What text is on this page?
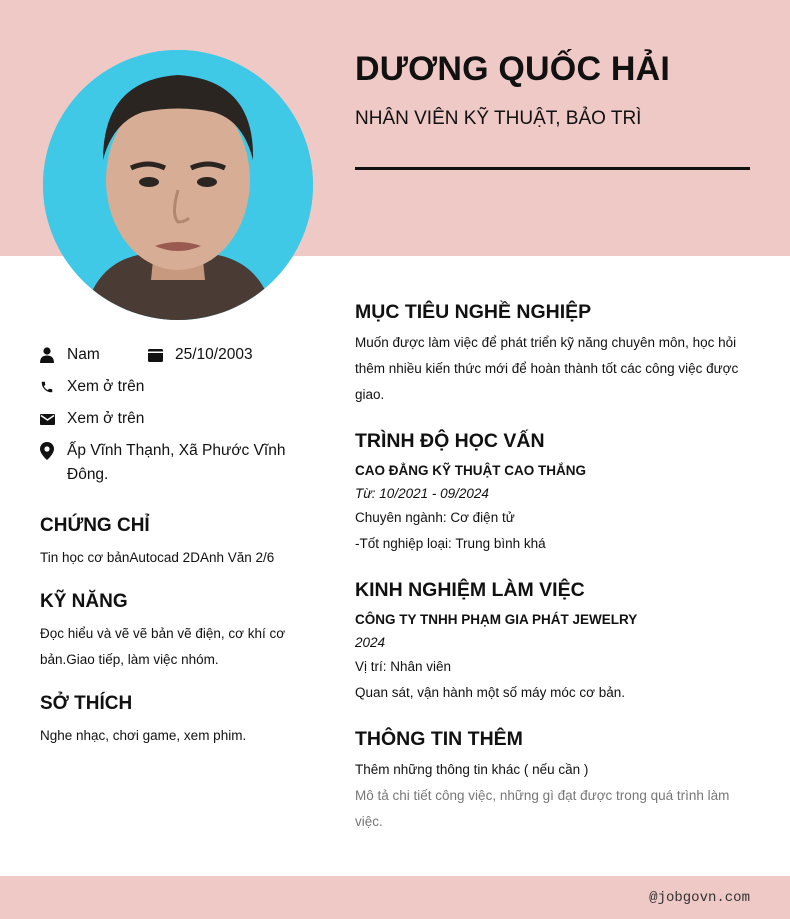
DƯƠNG QUỐC HẢI
NHÂN VIÊN KỸ THUẬT, BẢO TRÌ
Nam	25/10/2003
Xem ở trên
Xem ở trên
Ấp Vĩnh Thạnh, Xã Phước Vĩnh Đông.
CHỨNG CHỈ

Tin học cơ bảnAutocad 2DAnh Văn 2/6

KỸ NĂNG

Đọc hiểu và vẽ vẽ bản vẽ điện, cơ khí cơ bản.Giao tiếp, làm việc nhóm.

SỞ THÍCH

Nghe nhạc, chơi game, xem phim.

MỤC TIÊU NGHỀ NGHIỆP

Muốn được làm việc để phát triển kỹ năng chuyên môn, học hỏi thêm nhiều kiến thức mới để hoàn thành tốt các công việc được giao.

TRÌNH ĐỘ HỌC VẤN
CAO ĐẲNG KỸ THUẬT CAO THẮNG
Từ: 10/2021 - 09/2024

Chuyên ngành: Cơ điện tử

-Tốt nghiệp loại: Trung bình khá

KINH NGHIỆM LÀM VIỆC
CÔNG TY TNHH PHẠM GIA PHÁT JEWELRY
2024

Vị trí: Nhân viên

Quan sát, vận hành một số máy móc cơ bản.

THÔNG TIN THÊM

Thêm những thông tin khác ( nếu cần )

Mô tả chi tiết công việc, những gì đạt được trong quá trình làm việc.

@jobgovn.com
